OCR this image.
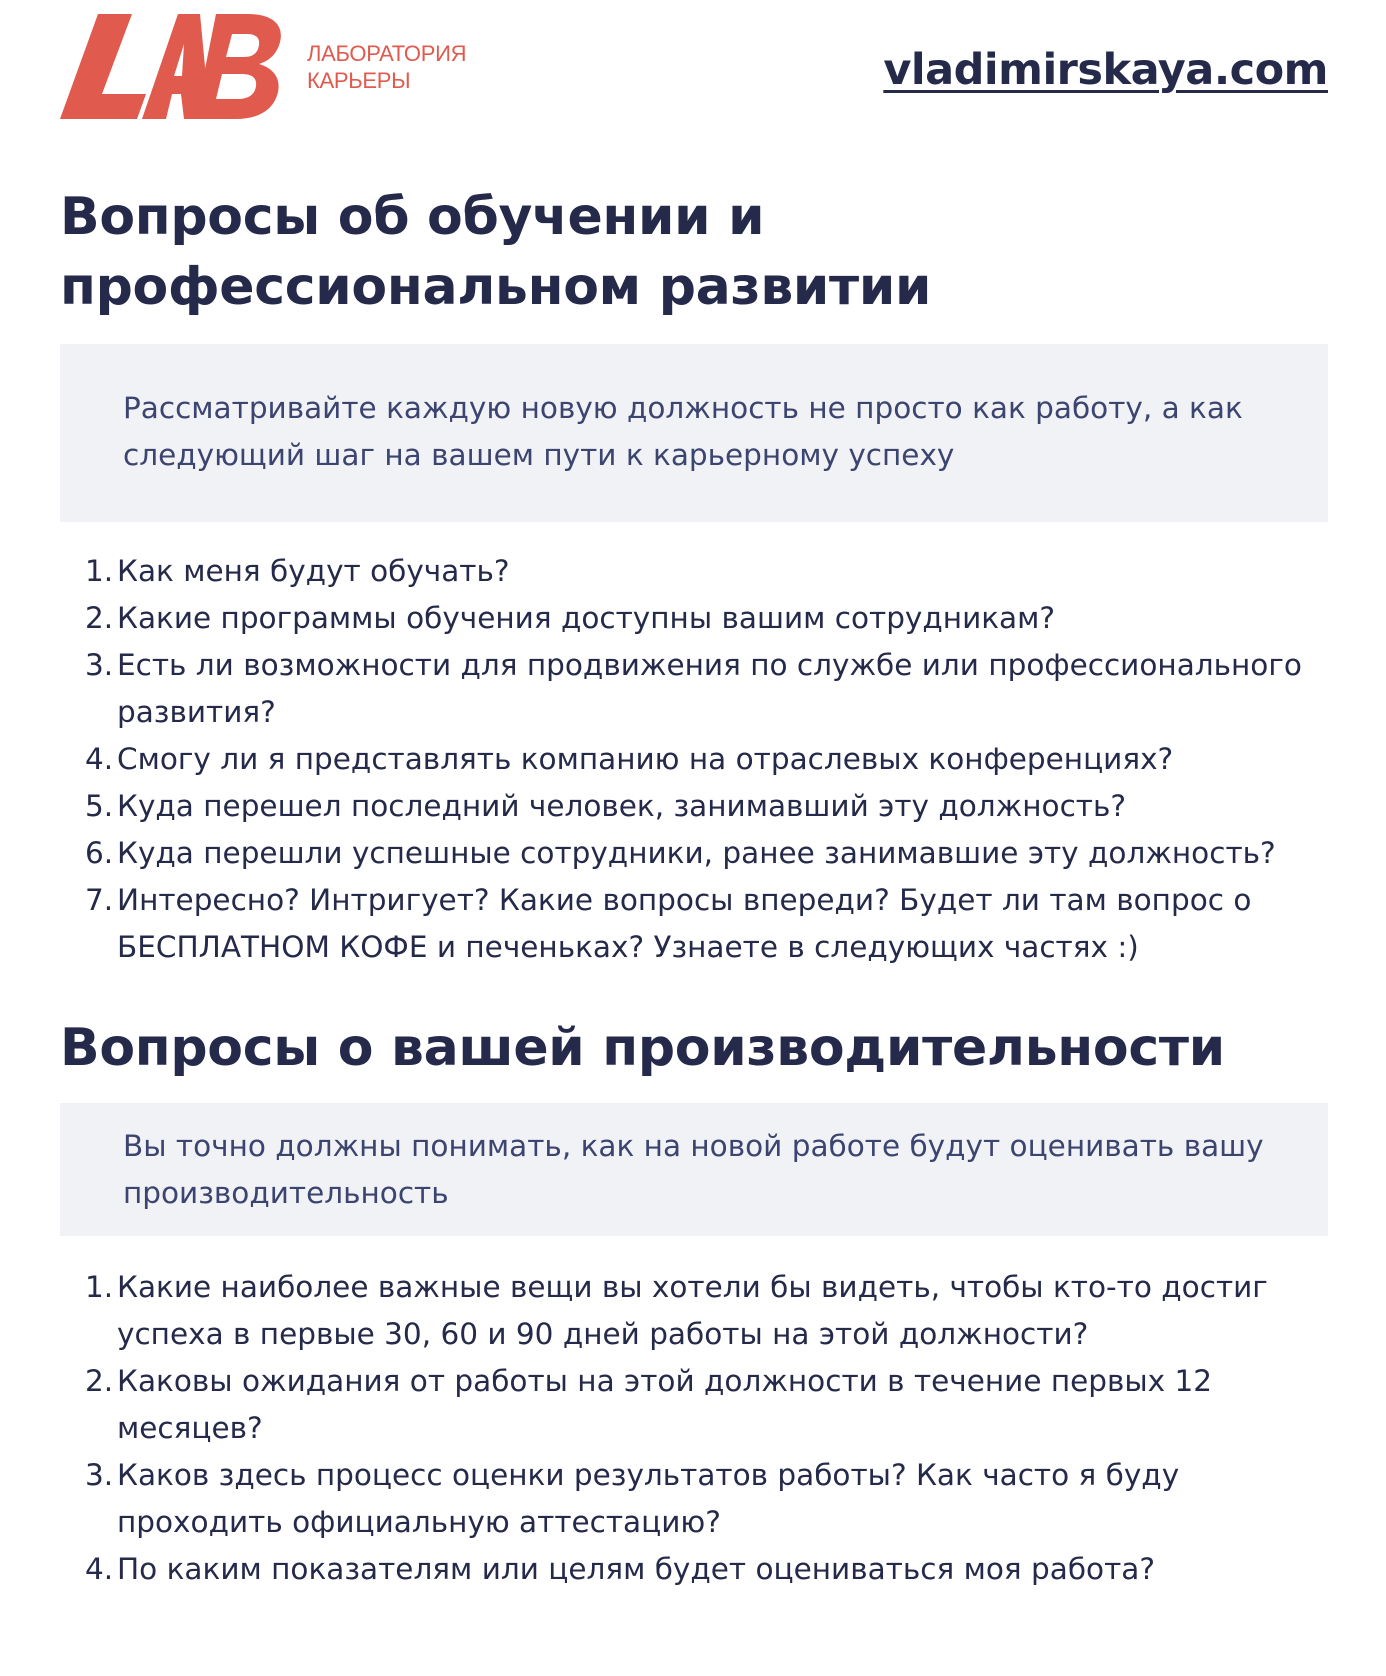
ЛАБОРАТОРИЯ
КАРЬЕРЫ	vladimirskaya.com
Вопросы об обучении и
профессиональном развитии
Рассматривайте каждую новую должность не просто как работу, а как следующий шаг на вашем пути к карьерному успеху
1. Как меня будут обучать?
2. Какие программы обучения доступны вашим сотрудникам?
3. Есть ли возможности для продвижения по службе или профессионального развития?
4. Смогу ли я представлять компанию на отраслевых конференциях?
5. Куда перешел последний человек, занимавший эту должность?
6. Куда перешли успешные сотрудники, ранее занимавшие эту должность?
7. Интересно? Интригует? Какие вопросы впереди? Будет ли там вопрос о БЕСПЛАТНОМ КОФЕ и печеньках? Узнаете в следующих частях :)
Вопросы о вашей производительности
Вы точно должны понимать, как на новой работе будут оценивать вашу производительность
1. Какие наиболее важные вещи вы хотели бы видеть, чтобы кто-то достиг успеха в первые 30, 60 и 90 дней работы на этой должности?
2. Каковы ожидания от работы на этой должности в течение первых 12 месяцев?
3. Каков здесь процесс оценки результатов работы? Как часто я буду проходить официальную аттестацию?
4. По каким показателям или целям будет оцениваться моя работа?
